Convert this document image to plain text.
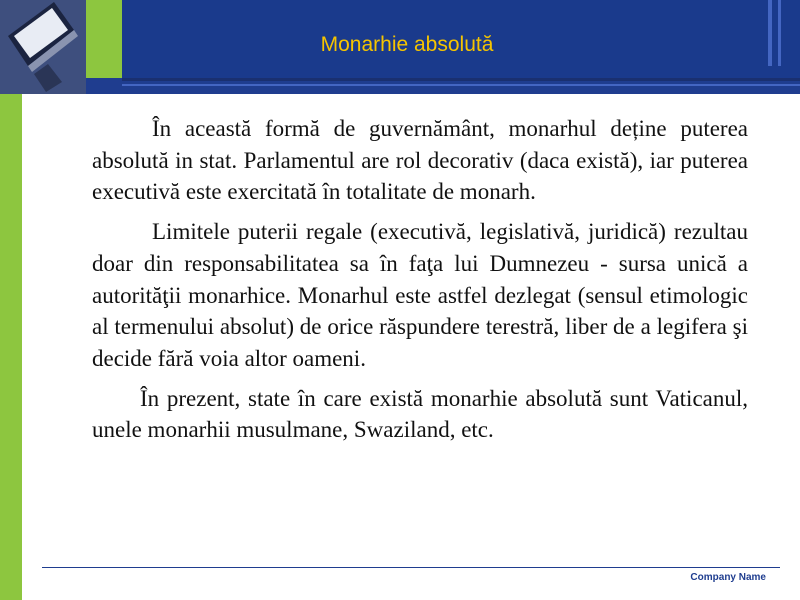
Monarhie absolută

În această formă de guvernământ, monarhul deține puterea absolută in stat. Parlamentul are rol decorativ (daca există), iar puterea executivă este exercitată în totalitate de monarh.

Limitele puterii regale (executivă, legislativă, juridică) rezultau doar din responsabilitatea sa în faţa lui Dumnezeu - sursa unică a autorităţii monarhice. Monarhul este astfel dezlegat (sensul etimologic al termenului absolut) de orice răspundere terestră, liber de a legifera şi decide fără voia altor oameni.

În prezent, state în care există monarhie absolută sunt Vaticanul, unele monarhii musulmane, Swaziland, etc.

Company Name
